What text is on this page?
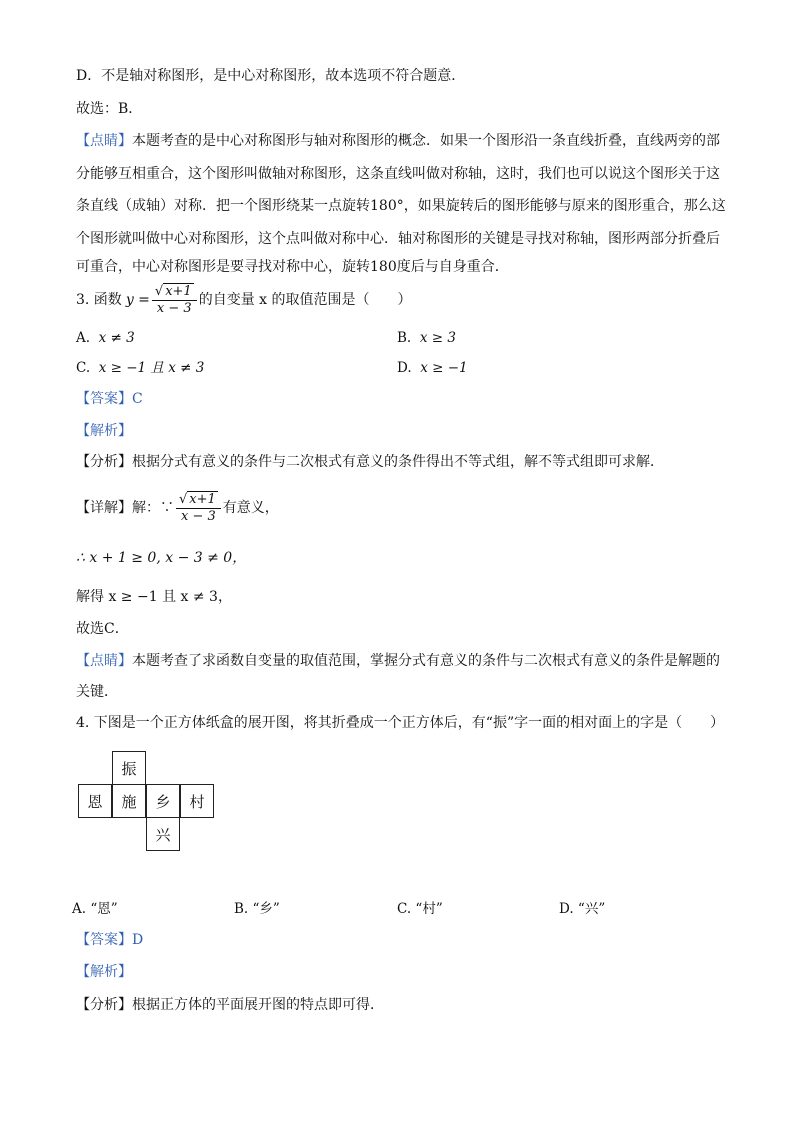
D．不是轴对称图形，是中心对称图形，故本选项不符合题意．
故选：B．
【点睛】本题考查的是中心对称图形与轴对称图形的概念．如果一个图形沿一条直线折叠，直线两旁的部
分能够互相重合，这个图形叫做轴对称图形，这条直线叫做对称轴，这时，我们也可以说这个图形关于这
条直线（成轴）对称．把一个图形绕某一点旋转180°，如果旋转后的图形能够与原来的图形重合，那么这
个图形就叫做中心对称图形，这个点叫做对称中心．轴对称图形的关键是寻找对称轴，图形两部分折叠后
可重合，中心对称图形是要寻找对称中心，旋转180度后与自身重合．
3. 函数 $y = \frac{√ x+1}{x - 3}$ 的自变量 x 的取值范围是（　　）
A. x ≠ 3	B. x ≥ 3
C. x ≥ −1 且 x ≠ 3	D. x ≥ −1
【答案】C
【解析】
【分析】根据分式有意义的条件与二次根式有意义的条件得出不等式组，解不等式组即可求解．
【详解】解：∵ $\frac{√ x+1}{x - 3}$ 有意义，
∴ x + 1 ≥ 0, x − 3 ≠ 0，
解得 x ≥ −1 且 x ≠ 3，
故选C．
【点睛】本题考查了求函数自变量的取值范围，掌握分式有意义的条件与二次根式有意义的条件是解题的
关键．
4. 下图是一个正方体纸盒的展开图，将其折叠成一个正方体后，有“振”字一面的相对面上的字是（　　）
振
恩	施	乡	村
兴
A. “恩”	B. “乡”	C. “村”	D. “兴”
【答案】D
【解析】
【分析】根据正方体的平面展开图的特点即可得．
